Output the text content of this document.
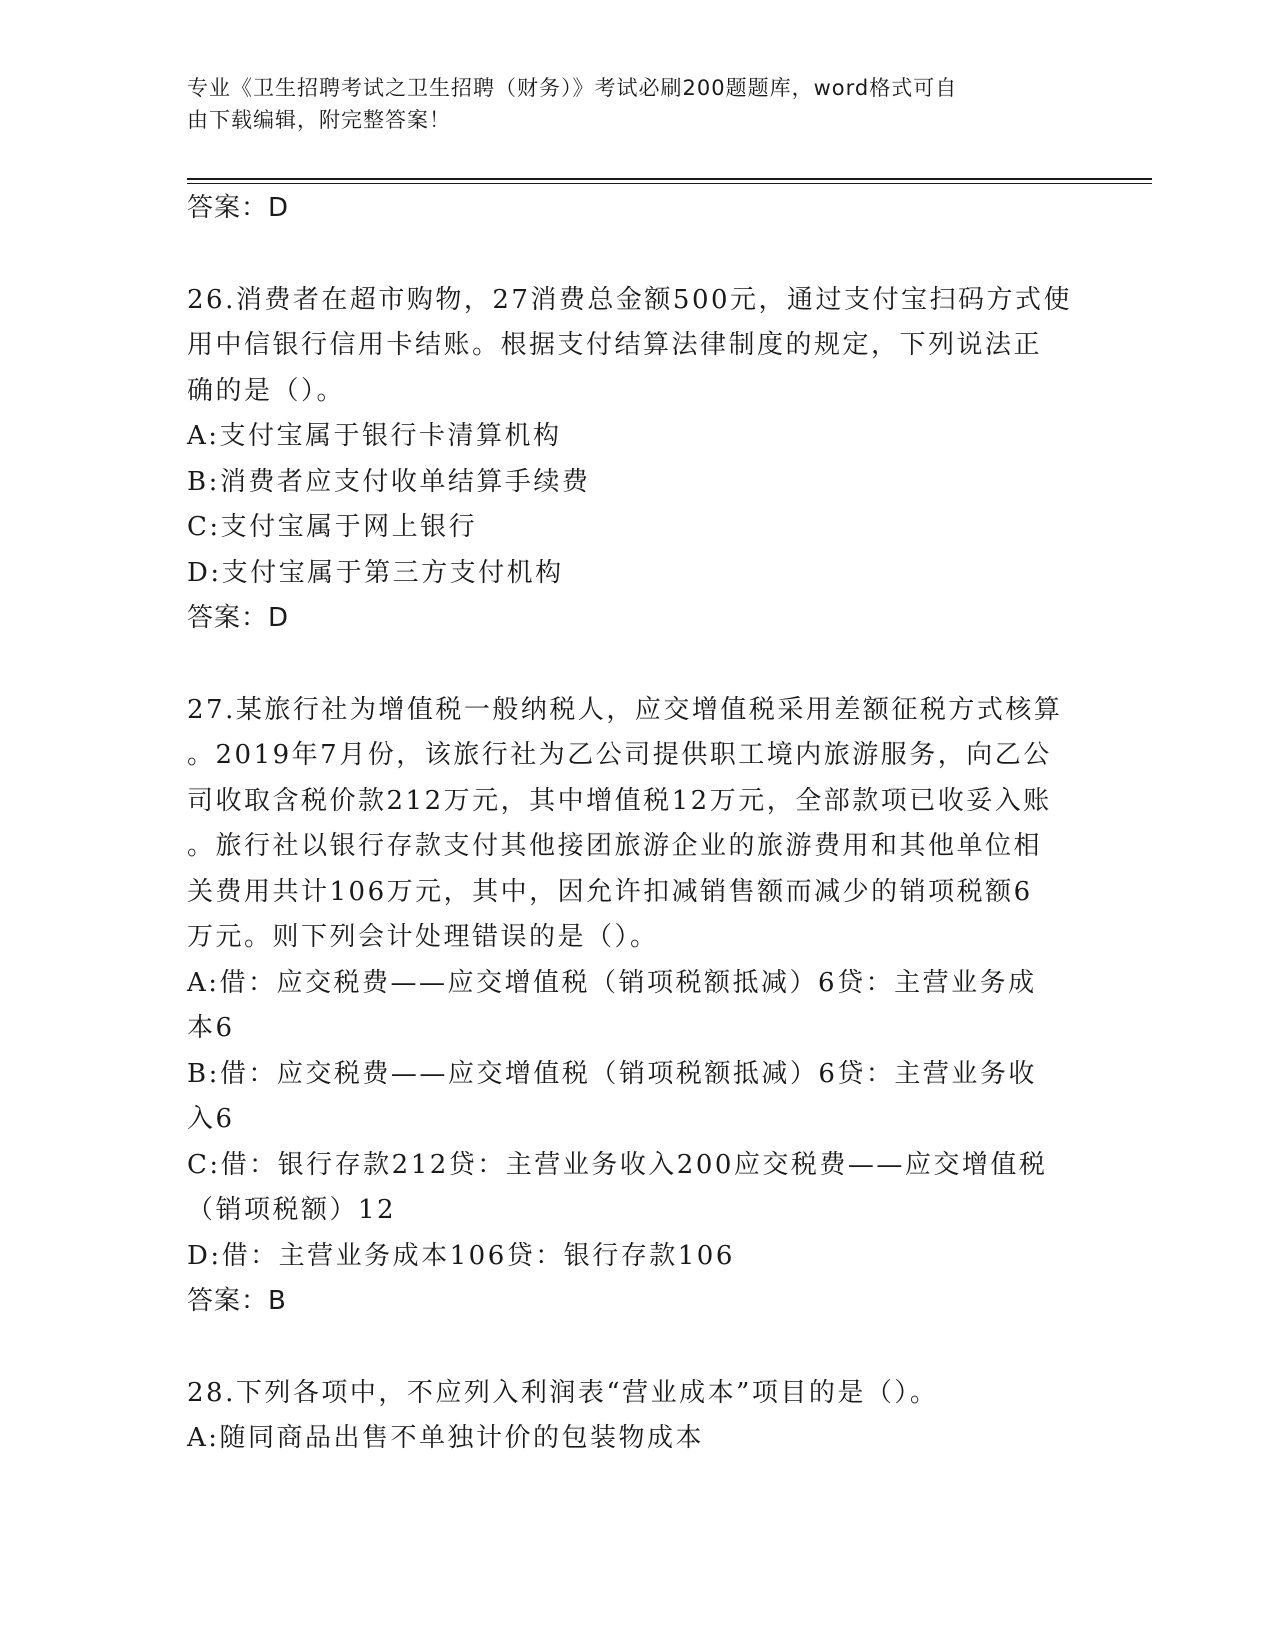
专业《卫生招聘考试之卫生招聘（财务）》考试必刷200题题库，word格式可自
由下载编辑，附完整答案！

答案：D

26.消费者在超市购物，27消费总金额500元，通过支付宝扫码方式使

用中信银行信用卡结账。根据支付结算法律制度的规定，下列说法正

确的是（）。

A:支付宝属于银行卡清算机构

B:消费者应支付收单结算手续费

C:支付宝属于网上银行

D:支付宝属于第三方支付机构

答案：D

27.某旅行社为增值税一般纳税人，应交增值税采用差额征税方式核算

。2019年7月份，该旅行社为乙公司提供职工境内旅游服务，向乙公

司收取含税价款212万元，其中增值税12万元，全部款项已收妥入账

。旅行社以银行存款支付其他接团旅游企业的旅游费用和其他单位相

关费用共计106万元，其中，因允许扣减销售额而减少的销项税额6

万元。则下列会计处理错误的是（）。

A:借：应交税费——应交增值税（销项税额抵减）6贷：主营业务成

本6

B:借：应交税费——应交增值税（销项税额抵减）6贷：主营业务收

入6

C:借：银行存款212贷：主营业务收入200应交税费——应交增值税

（销项税额）12

D:借：主营业务成本106贷：银行存款106

答案：B

28.下列各项中，不应列入利润表“营业成本”项目的是（）。

A:随同商品出售不单独计价的包装物成本
